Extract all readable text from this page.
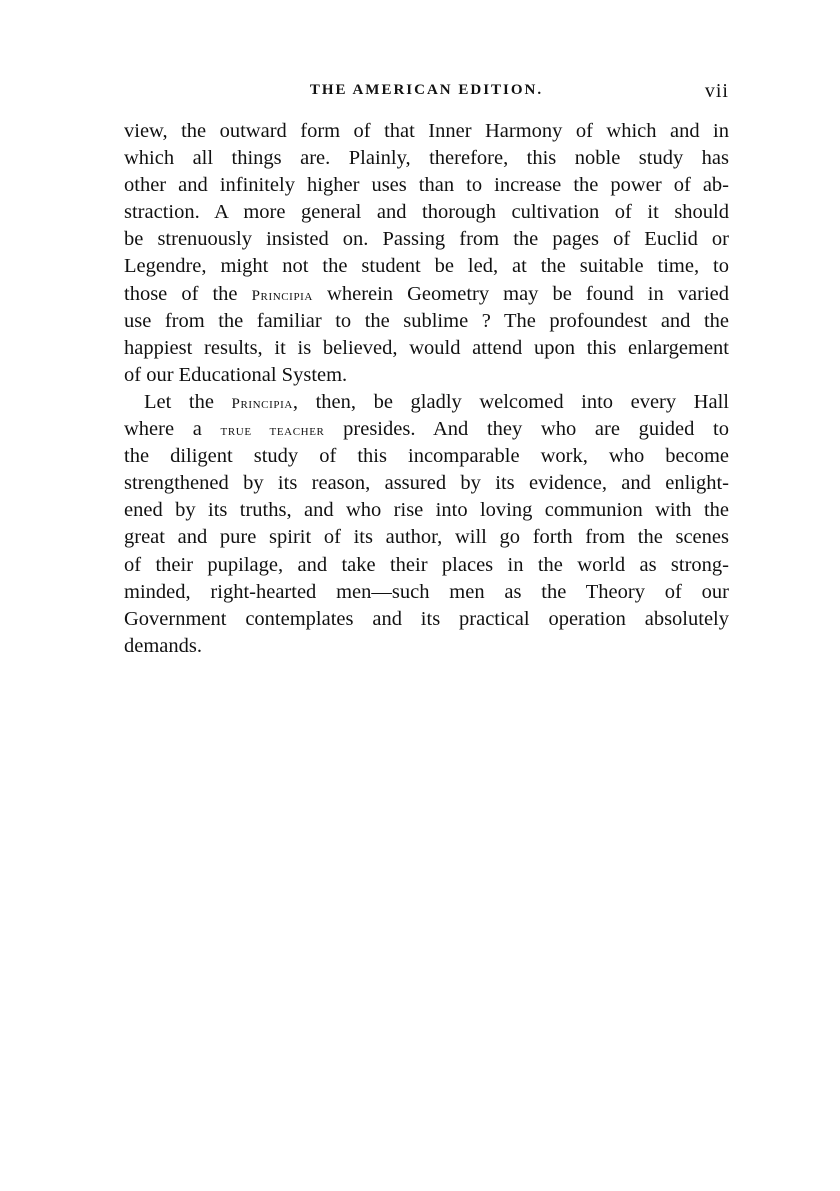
THE AMERICAN EDITION.	vii
view, the outward form of that Inner Harmony of which and in
which all things are. Plainly, therefore, this noble study has
other and infinitely higher uses than to increase the power of ab-
straction. A more general and thorough cultivation of it should
be strenuously insisted on. Passing from the pages of Euclid or
Legendre, might not the student be led, at the suitable time, to
those of the Principia wherein Geometry may be found in varied
use from the familiar to the sublime ? The profoundest and the
happiest results, it is believed, would attend upon this enlargement
of our Educational System.
Let the Principia, then, be gladly welcomed into every Hall
where a true teacher presides. And they who are guided to
the diligent study of this incomparable work, who become
strengthened by its reason, assured by its evidence, and enlight-
ened by its truths, and who rise into loving communion with the
great and pure spirit of its author, will go forth from the scenes
of their pupilage, and take their places in the world as strong-
minded, right-hearted men—such men as the Theory of our
Government contemplates and its practical operation absolutely
demands.
